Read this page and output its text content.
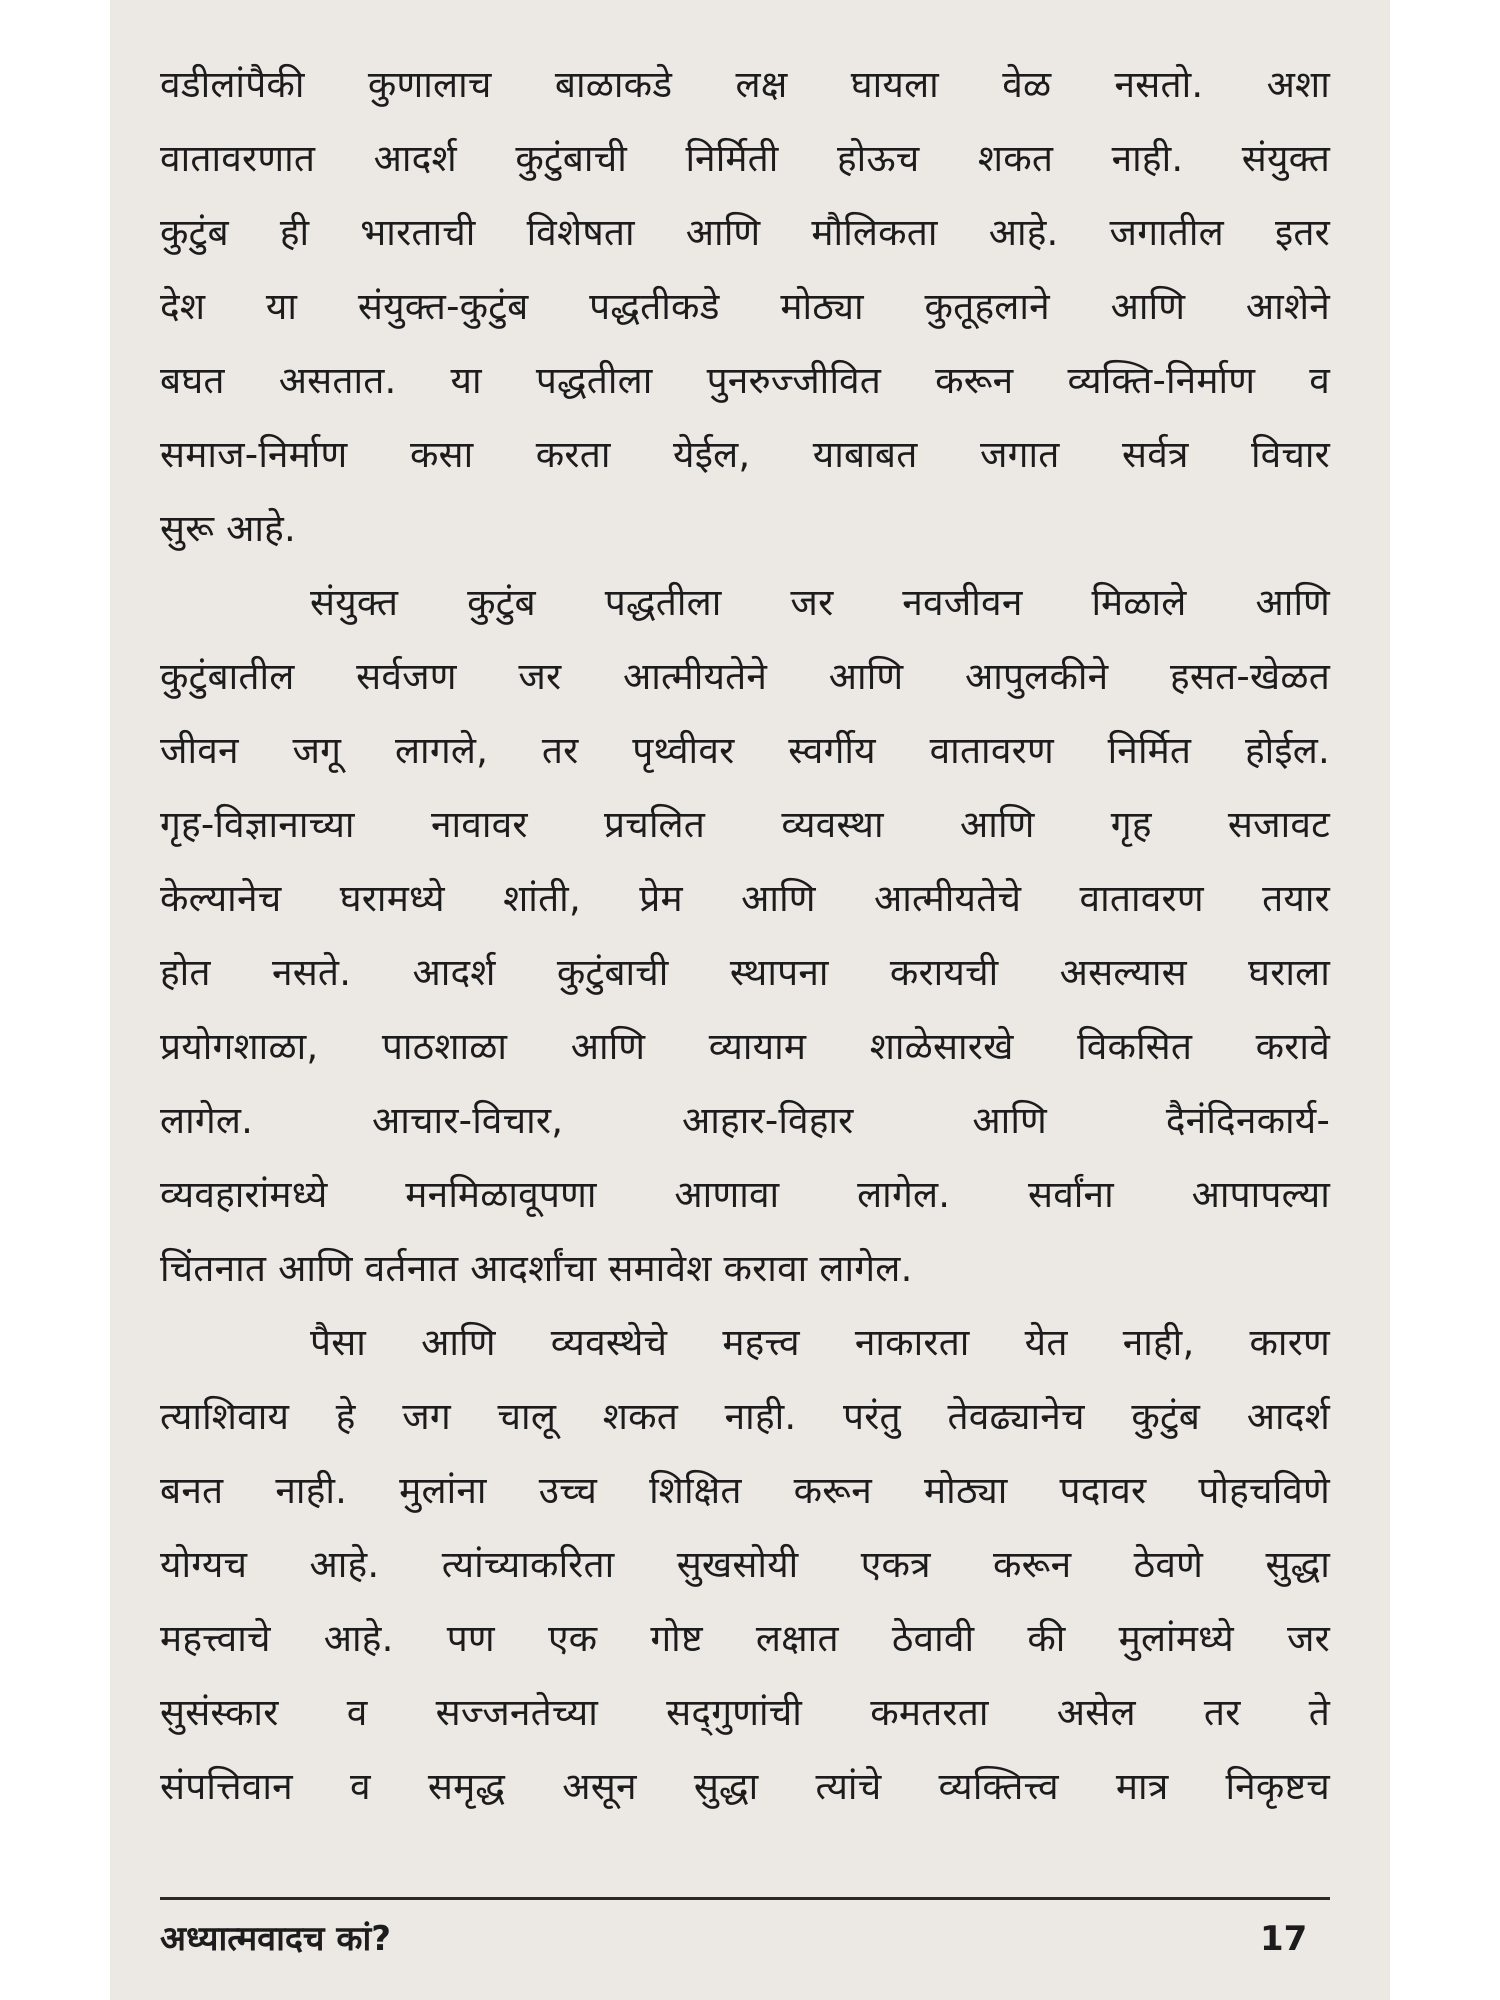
वडीलांपैकी कुणालाच बाळाकडे लक्ष घायला वेळ नसतो. अशा
वातावरणात आदर्श कुटुंबाची निर्मिती होऊच शकत नाही. संयुक्त
कुटुंब ही भारताची विशेषता आणि मौलिकता आहे. जगातील इतर
देश या संयुक्त-कुटुंब पद्धतीकडे मोठ्या कुतूहलाने आणि आशेने
बघत असतात. या पद्धतीला पुनरुज्जीवित करून व्यक्ति-निर्माण व
समाज-निर्माण कसा करता येईल, याबाबत जगात सर्वत्र विचार
सुरू आहे.
संयुक्त कुटुंब पद्धतीला जर नवजीवन मिळाले आणि
कुटुंबातील सर्वजण जर आत्मीयतेने आणि आपुलकीने हसत-खेळत
जीवन जगू लागले, तर पृथ्वीवर स्वर्गीय वातावरण निर्मित होईल.
गृह-विज्ञानाच्या नावावर प्रचलित व्यवस्था आणि गृह सजावट
केल्यानेच घरामध्ये शांती, प्रेम आणि आत्मीयतेचे वातावरण तयार
होत नसते. आदर्श कुटुंबाची स्थापना करायची असल्यास घराला
प्रयोगशाळा, पाठशाळा आणि व्यायाम शाळेसारखे विकसित करावे
लागेल. आचार-विचार, आहार-विहार आणि दैनंदिनकार्य-
व्यवहारांमध्ये मनमिळावूपणा आणावा लागेल. सर्वांना आपापल्या
चिंतनात आणि वर्तनात आदर्शांचा समावेश करावा लागेल.
पैसा आणि व्यवस्थेचे महत्त्व नाकारता येत नाही, कारण
त्याशिवाय हे जग चालू शकत नाही. परंतु तेवढ्यानेच कुटुंब आदर्श
बनत नाही. मुलांना उच्च शिक्षित करून मोठ्या पदावर पोहचविणे
योग्यच आहे. त्यांच्याकरिता सुखसोयी एकत्र करून ठेवणे सुद्धा
महत्त्वाचे आहे. पण एक गोष्ट लक्षात ठेवावी की मुलांमध्ये जर
सुसंस्कार व सज्जनतेच्या सद्‌गुणांची कमतरता असेल तर ते
संपत्तिवान व समृद्ध असून सुद्धा त्यांचे व्यक्तित्त्व मात्र निकृष्टच
अध्यात्मवादच कां?	17
